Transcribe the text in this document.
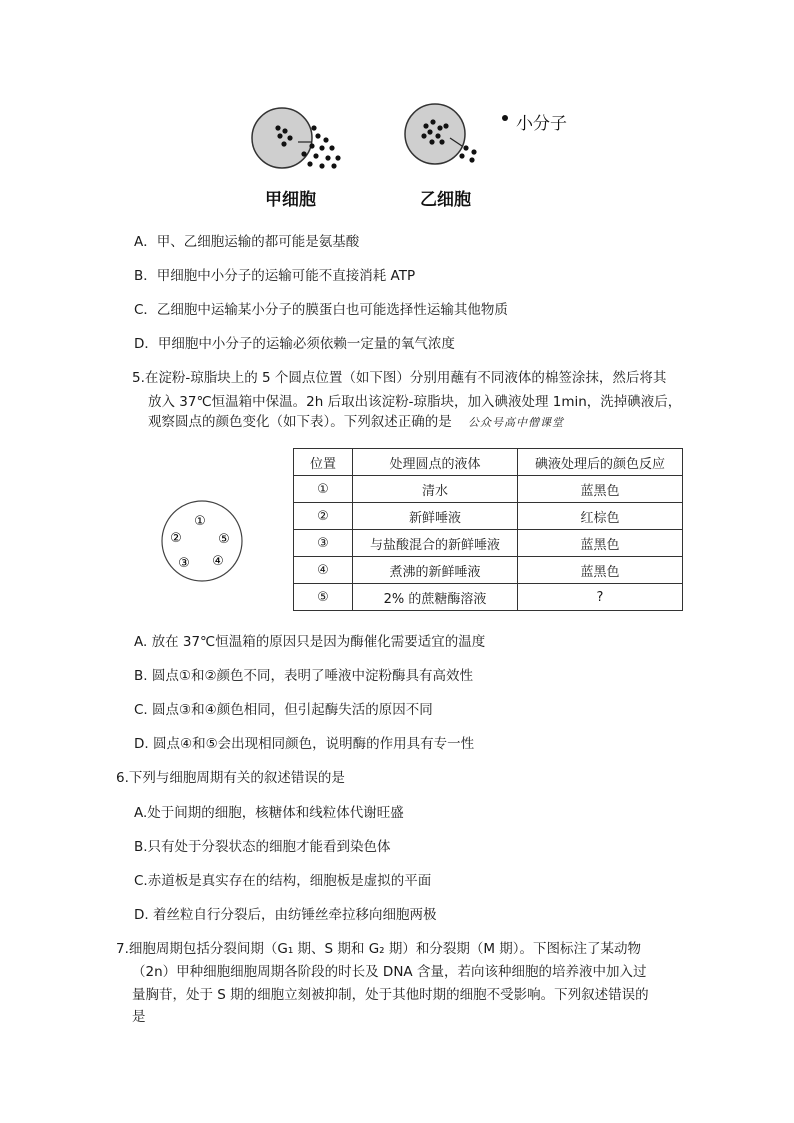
甲细胞	乙细胞
小分子
A．甲、乙细胞运输的都可能是氨基酸
B．甲细胞中小分子的运输可能不直接消耗 ATP
C．乙细胞中运输某小分子的膜蛋白也可能选择性运输其他物质
D．甲细胞中小分子的运输必须依赖一定量的氧气浓度
5.在淀粉-琼脂块上的 5 个圆点位置（如下图）分别用蘸有不同液体的棉签涂抹，然后将其
放入 37℃恒温箱中保温。2h 后取出该淀粉-琼脂块，加入碘液处理 1min，洗掉碘液后，
观察圆点的颜色变化（如下表）。下列叙述正确的是 公众号高中僧课堂
①
②
③ ④
⑤
位置	处理圆点的液体	碘液处理后的颜色反应
①	清水	蓝黑色
②	新鲜唾液	红棕色
③	与盐酸混合的新鲜唾液	蓝黑色
④	煮沸的新鲜唾液	蓝黑色
⑤	2% 的蔗糖酶溶液	?
A. 放在 37℃恒温箱的原因只是因为酶催化需要适宜的温度
B. 圆点①和②颜色不同，表明了唾液中淀粉酶具有高效性
C. 圆点③和④颜色相同，但引起酶失活的原因不同
D. 圆点④和⑤会出现相同颜色，说明酶的作用具有专一性
6.下列与细胞周期有关的叙述错误的是
A.处于间期的细胞，核糖体和线粒体代谢旺盛
B.只有处于分裂状态的细胞才能看到染色体
C.赤道板是真实存在的结构，细胞板是虚拟的平面
D. 着丝粒自行分裂后，由纺锤丝牵拉移向细胞两极
7.细胞周期包括分裂间期（G₁ 期、S 期和 G₂ 期）和分裂期（M 期）。下图标注了某动物
（2n）甲种细胞细胞周期各阶段的时长及 DNA 含量，若向该种细胞的培养液中加入过
量胸苷，处于 S 期的细胞立刻被抑制，处于其他时期的细胞不受影响。下列叙述错误的
是
